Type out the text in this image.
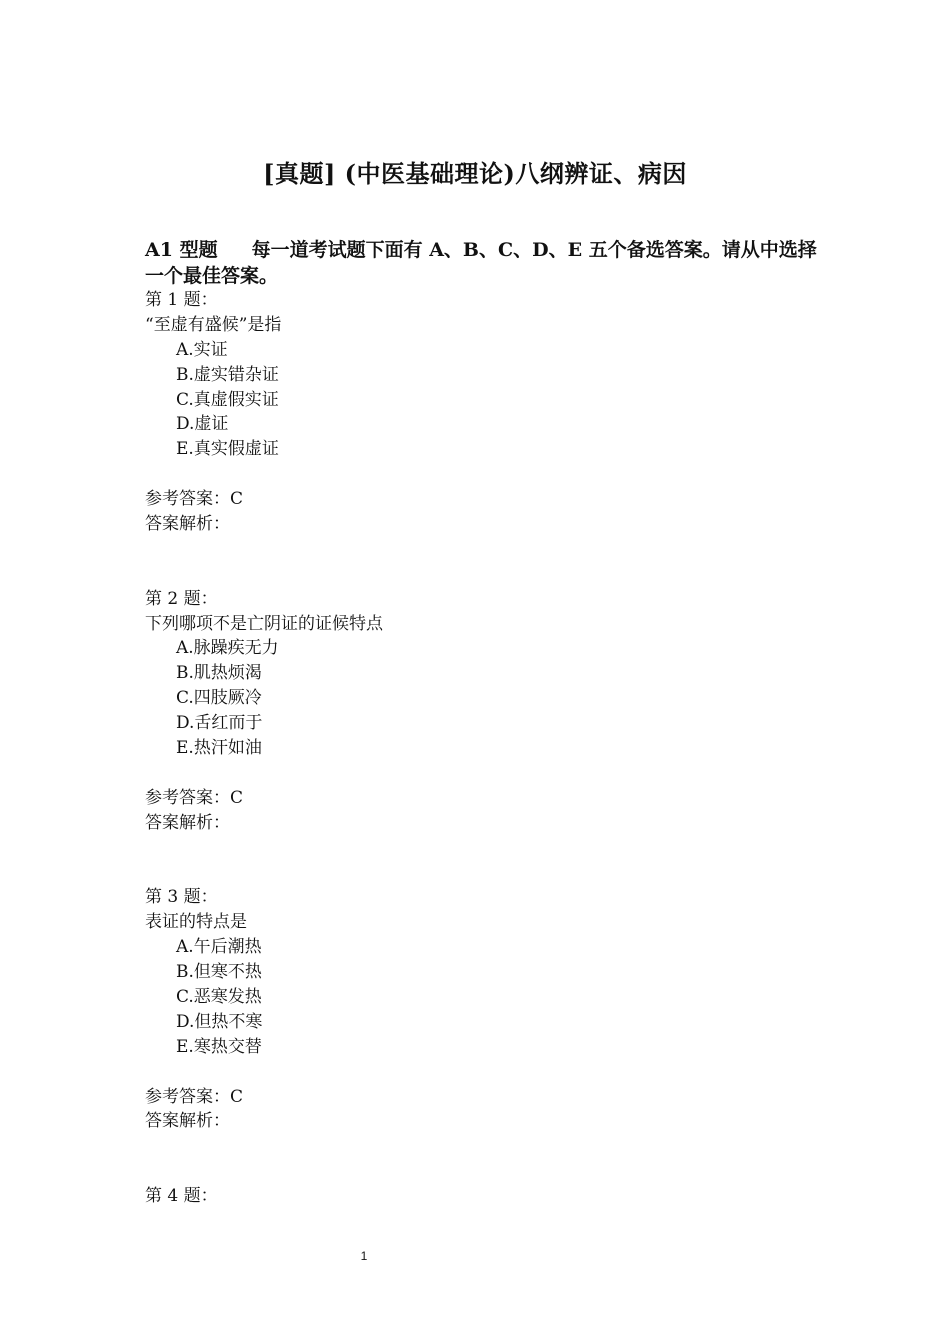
[真题] (中医基础理论)八纲辨证、病因
A1 型题 每一道考试题下面有 A、B、C、D、E 五个备选答案。请从中选择一个最佳答案。
第 1 题：
“至虚有盛候”是指
A.实证
B.虚实错杂证
C.真虚假实证
D.虚证
E.真实假虚证
参考答案：C
答案解析：
第 2 题：
下列哪项不是亡阴证的证候特点
A.脉躁疾无力
B.肌热烦渴
C.四肢厥冷
D.舌红而于
E.热汗如油
参考答案：C
答案解析：
第 3 题：
表证的特点是
A.午后潮热
B.但寒不热
C.恶寒发热
D.但热不寒
E.寒热交替
参考答案：C
答案解析：
第 4 题：
1
